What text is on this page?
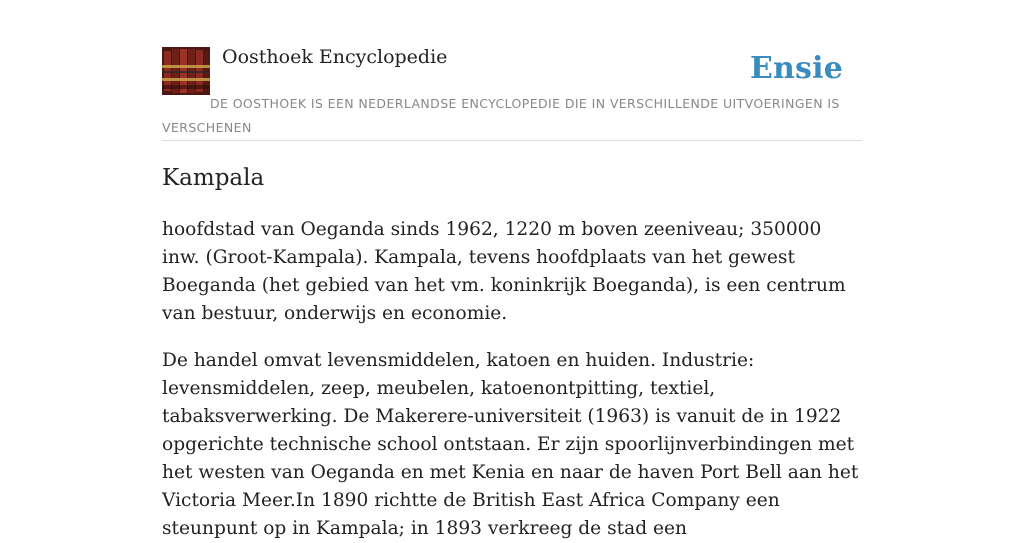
Oosthoek Encyclopedie	Ensie
DE OOSTHOEK IS EEN NEDERLANDSE ENCYCLOPEDIE DIE IN VERSCHILLENDE UITVOERINGEN IS VERSCHENEN
Kampala

hoofdstad van Oeganda sinds 1962, 1220 m boven zeeniveau; 350000 inw. (Groot-Kampala). Kampala, tevens hoofdplaats van het gewest Boeganda (het gebied van het vm. koninkrijk Boeganda), is een centrum van bestuur, onderwijs en economie.

De handel omvat levensmiddelen, katoen en huiden. Industrie: levensmiddelen, zeep, meubelen, katoenontpitting, textiel, tabaksverwerking. De Makerere-universiteit (1963) is vanuit de in 1922 opgerichte technische school ontstaan. Er zijn spoorlijnverbindingen met het westen van Oeganda en met Kenia en naar de haven Port Bell aan het Victoria Meer.In 1890 richtte de British East Africa Company een steunpunt op in Kampala; in 1893 verkreeg de stad een
